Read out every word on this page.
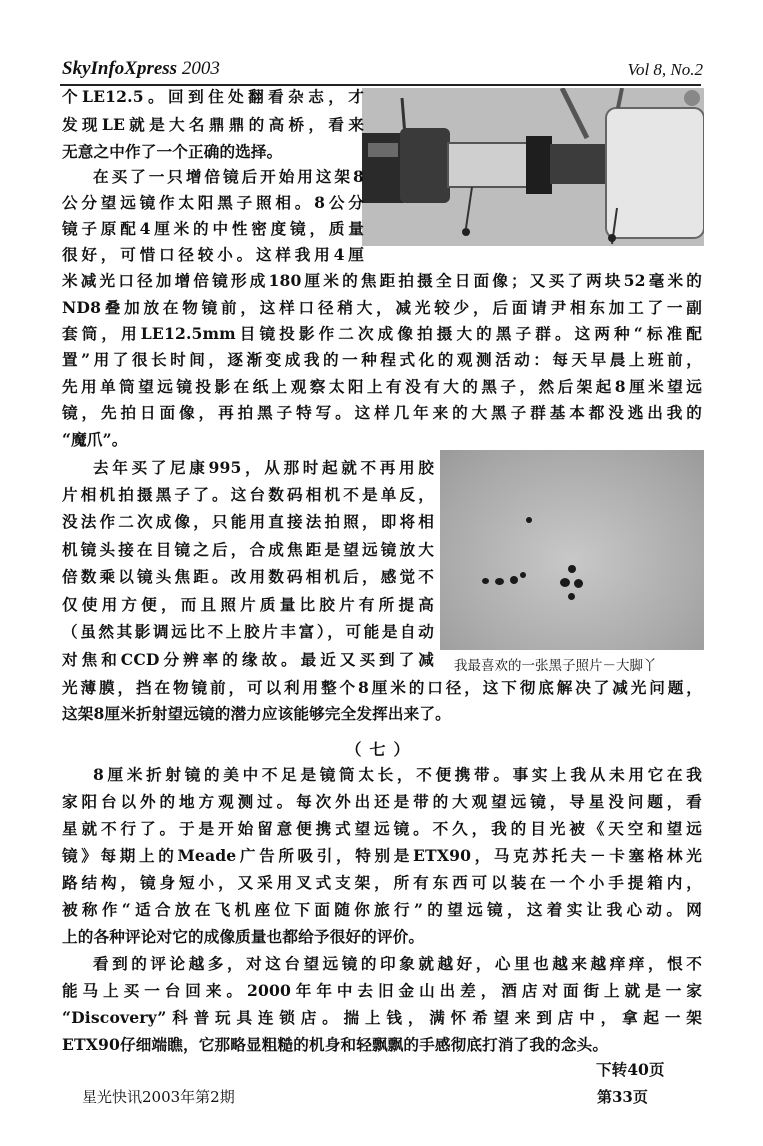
SkyInfoXpress 2003	Vol 8, No.2
我最喜欢的一张黑子照片－大脚丫
个LE12.5。回到住处翻看杂志，才
发现LE就是大名鼎鼎的高桥，看来
无意之中作了一个正确的选择。
在买了一只增倍镜后开始用这架8
公分望远镜作太阳黑子照相。8公分
镜子原配4厘米的中性密度镜，质量
很好，可惜口径较小。这样我用4厘
米减光口径加增倍镜形成180厘米的焦距拍摄全日面像；又买了两块52毫米的
ND8叠加放在物镜前，这样口径稍大，减光较少，后面请尹相东加工了一副
套筒，用LE12.5mm目镜投影作二次成像拍摄大的黑子群。这两种“标准配
置”用了很长时间，逐渐变成我的一种程式化的观测活动：每天早晨上班前，
先用单筒望远镜投影在纸上观察太阳上有没有大的黑子，然后架起8厘米望远
镜，先拍日面像，再拍黑子特写。这样几年来的大黑子群基本都没逃出我的
“魔爪”。
去年买了尼康995，从那时起就不再用胶
片相机拍摄黑子了。这台数码相机不是单反，
没法作二次成像，只能用直接法拍照，即将相
机镜头接在目镜之后，合成焦距是望远镜放大
倍数乘以镜头焦距。改用数码相机后，感觉不
仅使用方便，而且照片质量比胶片有所提高
（虽然其影调远比不上胶片丰富），可能是自动
对焦和CCD分辨率的缘故。最近又买到了减
光薄膜，挡在物镜前，可以利用整个8厘米的口径，这下彻底解决了减光问题，
这架8厘米折射望远镜的潜力应该能够完全发挥出来了。
（七）
8厘米折射镜的美中不足是镜筒太长，不便携带。事实上我从未用它在我
家阳台以外的地方观测过。每次外出还是带的大观望远镜，导星没问题，看
星就不行了。于是开始留意便携式望远镜。不久，我的目光被《天空和望远
镜》每期上的Meade广告所吸引，特别是ETX90，马克苏托夫－卡塞格林光
路结构，镜身短小，又采用叉式支架，所有东西可以装在一个小手提箱内，
被称作“适合放在飞机座位下面随你旅行”的望远镜，这着实让我心动。网
上的各种评论对它的成像质量也都给予很好的评价。
看到的评论越多，对这台望远镜的印象就越好，心里也越来越痒痒，恨不
能马上买一台回来。2000年年中去旧金山出差，酒店对面街上就是一家
“Discovery”科普玩具连锁店。揣上钱，满怀希望来到店中，拿起一架
ETX90仔细端瞧，它那略显粗糙的机身和轻飘飘的手感彻底打消了我的念头。
下转40页
星光快讯2003年第2期	第33页
